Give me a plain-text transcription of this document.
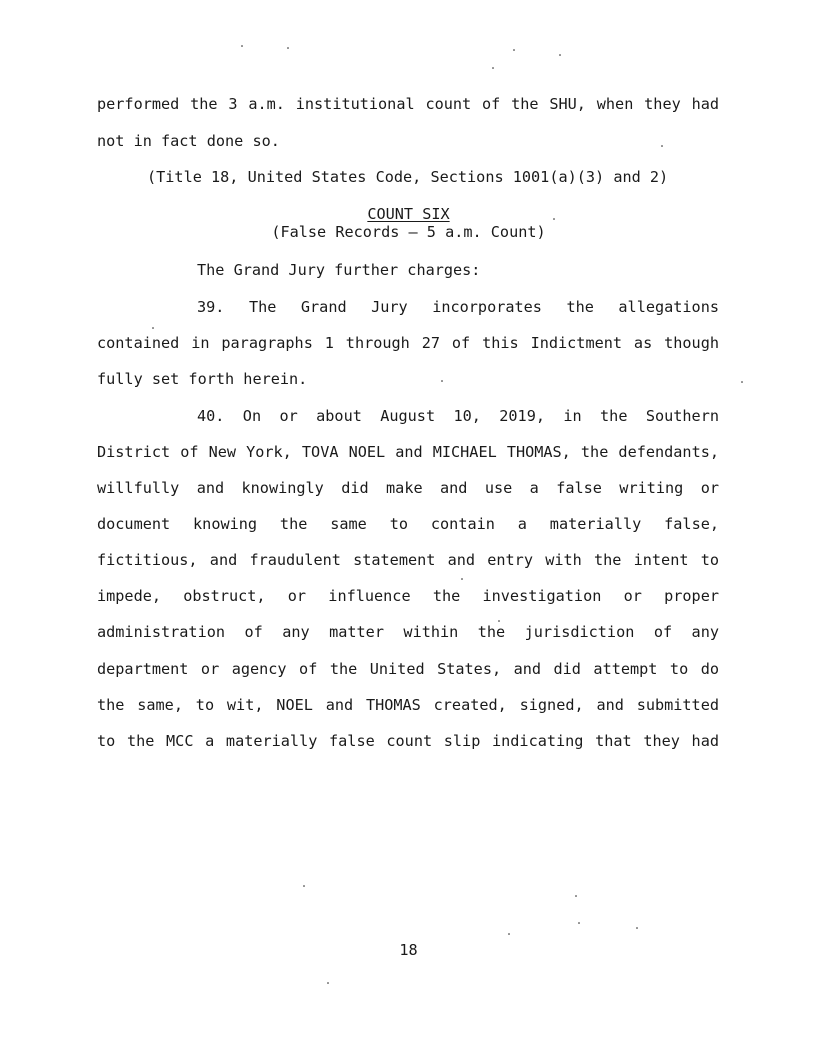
performed the 3 a.m. institutional count of the SHU, when they had
not in fact done so.
(Title 18, United States Code, Sections 1001(a)(3) and 2)
COUNT SIX
(False Records – 5 a.m. Count)
The Grand Jury further charges:
39. The Grand Jury incorporates the allegations
contained in paragraphs 1 through 27 of this Indictment as though
fully set forth herein.
40. On or about August 10, 2019, in the Southern
District of New York, TOVA NOEL and MICHAEL THOMAS, the defendants,
willfully and knowingly did make and use a false writing or
document knowing the same to contain a materially false,
fictitious, and fraudulent statement and entry with the intent to
impede, obstruct, or influence the investigation or proper
administration of any matter within the jurisdiction of any
department or agency of the United States, and did attempt to do
the same, to wit, NOEL and THOMAS created, signed, and submitted
to the MCC a materially false count slip indicating that they had
18
